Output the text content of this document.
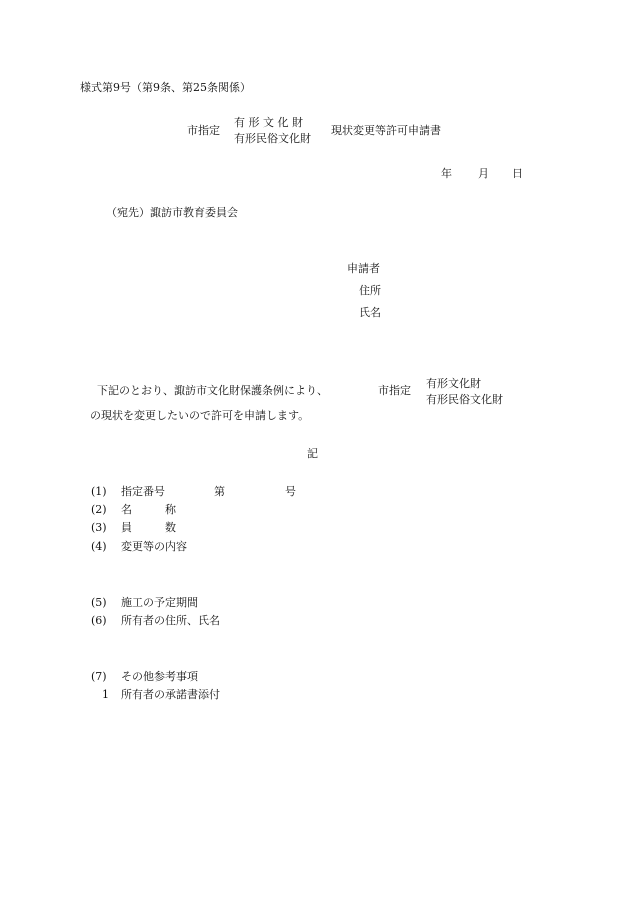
様式第9号（第9条、第25条関係）
市指定
有 形 文 化 財
有形民俗文化財
現状変更等許可申請書
年 月 日
（宛先）諏訪市教育委員会
申請者
住所
氏名
下記のとおり、諏訪市文化財保護条例により、	市指定
有形文化財
有形民俗文化財
の現状を変更したいので許可を申請します。
記
(1) 指定番号	第	号
(2) 名	称
(3) 員	数
(4) 変更等の内容
(5) 施工の予定期間
(6) 所有者の住所、氏名
(7) その他参考事項
1 所有者の承諾書添付
